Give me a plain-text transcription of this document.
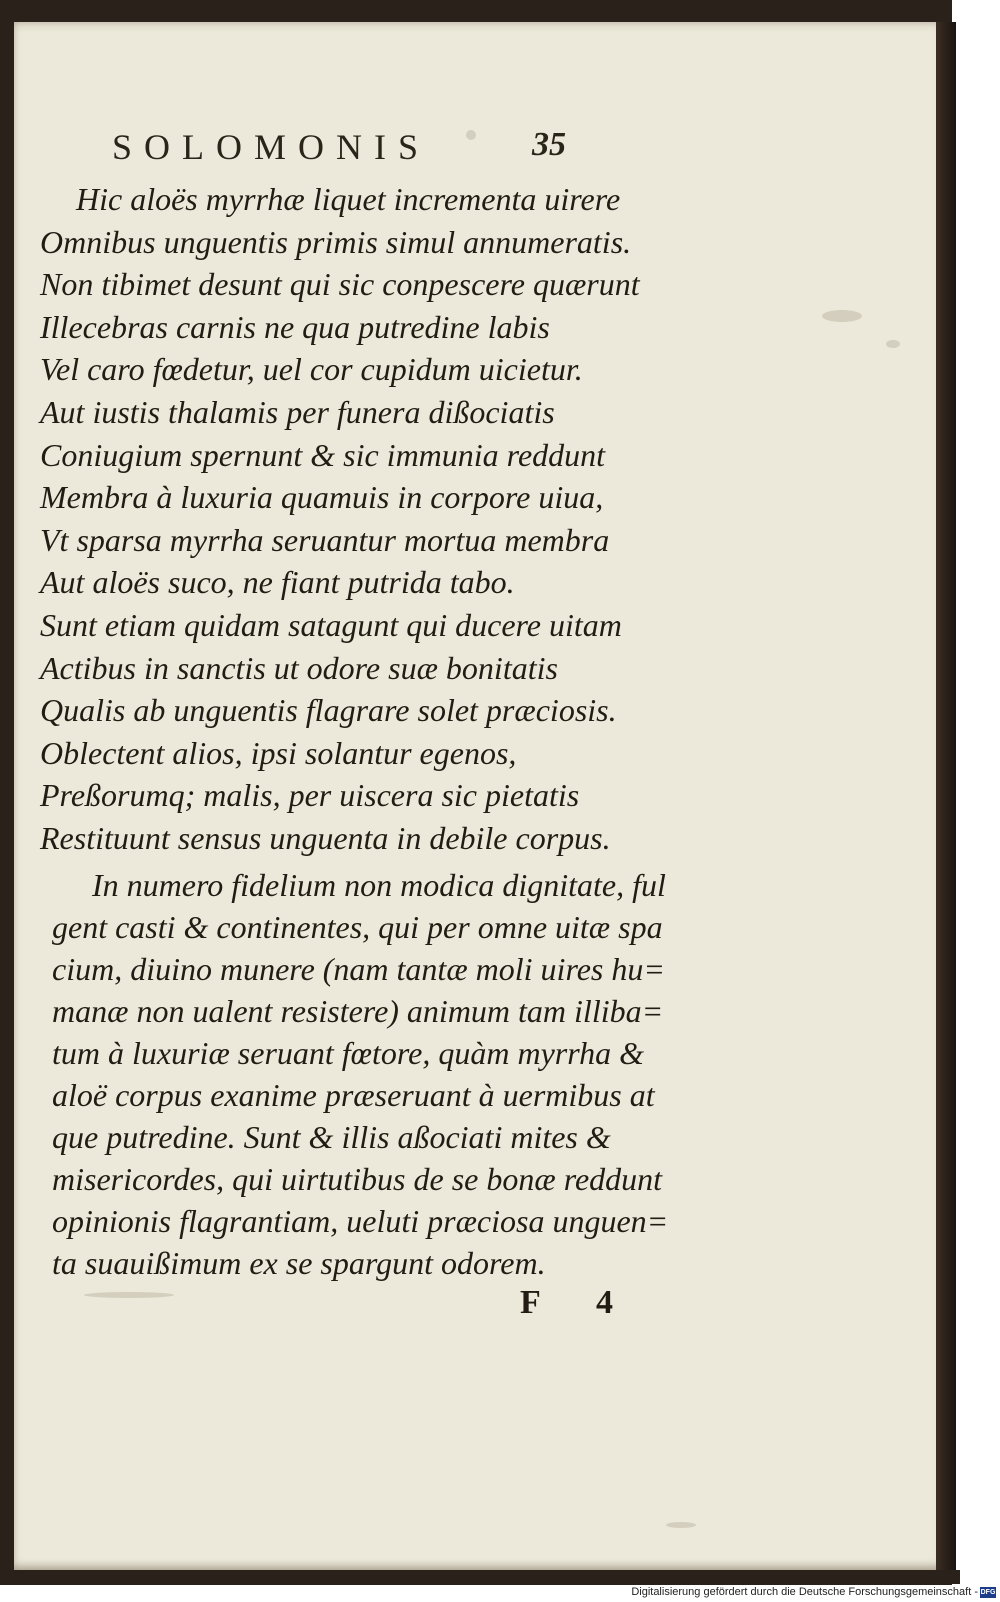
SOLOMONIS	35
Hic aloës myrrhæ liquet incrementa uirere
Omnibus unguentis primis simul annumeratis.
Non tibimet desunt qui sic conpescere quærunt
Illecebras carnis ne qua putredine labis
Vel caro fœdetur, uel cor cupidum uicietur.
Aut iustis thalamis per funera dißociatis
Coniugium spernunt & sic immunia reddunt
Membra à luxuria quamuis in corpore uiua,
Vt sparsa myrrha seruantur mortua membra
Aut aloës suco, ne fiant putrida tabo.
Sunt etiam quidam satagunt qui ducere uitam
Actibus in sanctis ut odore suæ bonitatis
Qualis ab unguentis flagrare solet præciosis.
Oblectent alios, ipsi solantur egenos,
Preßorumq; malis, per uiscera sic pietatis
Restituunt sensus unguenta in debile corpus.
In numero fidelium non modica dignitate, ful
gent casti & continentes, qui per omne uitæ spa
cium, diuino munere (nam tantæ moli uires hu=
manæ non ualent resistere) animum tam illiba=
tum à luxuriæ seruant fœtore, quàm myrrha &
aloë corpus exanime præseruant à uermibus at
que putredine. Sunt & illis aßociati mites &
misericordes, qui uirtutibus de se bonæ reddunt
opinionis flagrantiam, ueluti præciosa unguen=
ta suauißimum ex se spargunt odorem.
F 4
Digitalisierung gefördert durch die Deutsche Forschungsgemeinschaft - DFG
